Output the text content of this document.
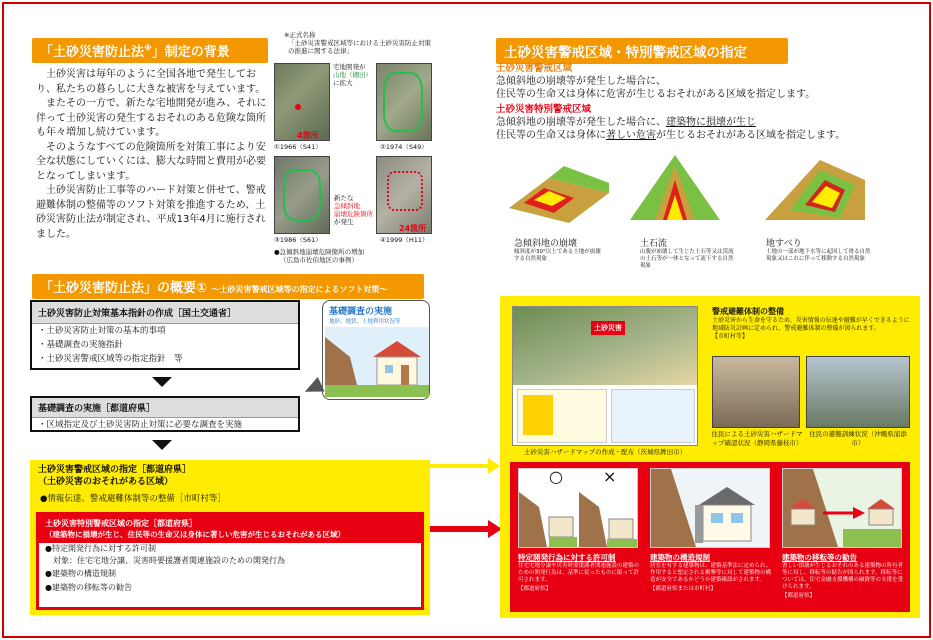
「土砂災害防止法※」制定の背景

　土砂災害は毎年のように全国各地で発生しており、私たちの暮らしに大きな被害を与えています。

　またその一方で、新たな宅地開発が進み、それに伴って土砂災害の発生するおそれのある危険な箇所も年々増加し続けています。

　そのようなすべての危険箇所を対策工事により安全な状態にしていくには、膨大な時間と費用が必要となってしまいます。

　土砂災害防止工事等のハード対策と併せて、警戒避難体制の整備等のソフト対策を推進するため、土砂災害防止法が制定され、平成13年4月に施行されました。

※正式名称
「土砂災害警戒区域等における土砂災害防止対策の推進に関する法律」
4箇所
①1966（S41）
宅地開発が
山地（棚田）
に拡大
②1974（S49）
③1986（S61）
新たな
急傾斜地
崩壊危険箇所
が発生
24箇所
④1999（H11）
●急傾斜地崩壊危険箇所の増加
（広島市佐伯地区の事例）
土砂災害警戒区域・特別警戒区域の指定
土砂災害警戒区域
急傾斜地の崩壊等が発生した場合に、
住民等の生命又は身体に危害が生じるおそれがある区域を指定します。
土砂災害特別警戒区域
急傾斜地の崩壊等が発生した場合に、建築物に損壊が生じ
住民等の生命又は身体に著しい危害が生じるおそれがある区域を指定します。
急傾斜地の崩壊
傾斜度が30°以上である土地が崩壊する自然現象
土石流
山腹が崩壊して生じた土石等又は渓流の土石等が一体となって流下する自然現象
地すべり
土地の一部が地下水等に起因して滑る自然現象又はこれに伴って移動する自然現象
「土砂災害防止法」の概要① ～土砂災害警戒区域等の指定によるソフト対策～
土砂災害防止対策基本指針の作成［国土交通省］
・土砂災害防止対策の基本的事項
・基礎調査の実施指針
・土砂災害警戒区域等の指定指針　等
基礎調査の実施［都道府県］
・区域指定及び土砂災害防止対策に必要な調査を実施
基礎調査の実施
地形、地質、土地利用状況等
土砂災害警戒区域の指定［都道府県］
（土砂災害のおそれがある区域）
●情報伝達、警戒避難体制等の整備［市町村等］
土砂災害特別警戒区域の指定［都道府県］
（建築物に損壊が生じ、住民等の生命又は身体に著しい危害が生じるおそれがある区域）
●特定開発行為に対する許可制
　対象：住宅宅地分譲、災害時要援護者関連施設のための開発行為
●建築物の構造規制
●建築物の移転等の勧告
土砂災害
土砂災害ハザードマップの作成・配布（茨城県鉾田市）
警戒避難体制の整備
土砂災害から生命を守るため、災害情報の伝達や避難が早くできるように地域防災計画に定められ、警戒避難体制の整備が図られます。
【市町村等】
住民による土砂災害ハザードマップ確認状況（静岡県藤枝市）
住民の避難訓練状況（沖縄県浦添市）
○	×
特定開発行為に対する許可制
住宅宅地分譲や災害時要援護者関連施設の建築のための開発行為は、基準に従ったものに限って許可されます。
【都道府県】
建築物の構造規制
居室を有する建築物は、建築基準法に定められ、作用すると想定される衝撃等に対して建築物の構造が安全であるかどうか建築確認がされます。
【都道府県または市町村】
建築物の移転等の勧告
著しい損壊が生じるおそれのある建築物の所有者等に対し、移転等の勧告が図られます。移転等については、住宅金融支援機構の融資等の支援を受けられます。
【都道府県】
